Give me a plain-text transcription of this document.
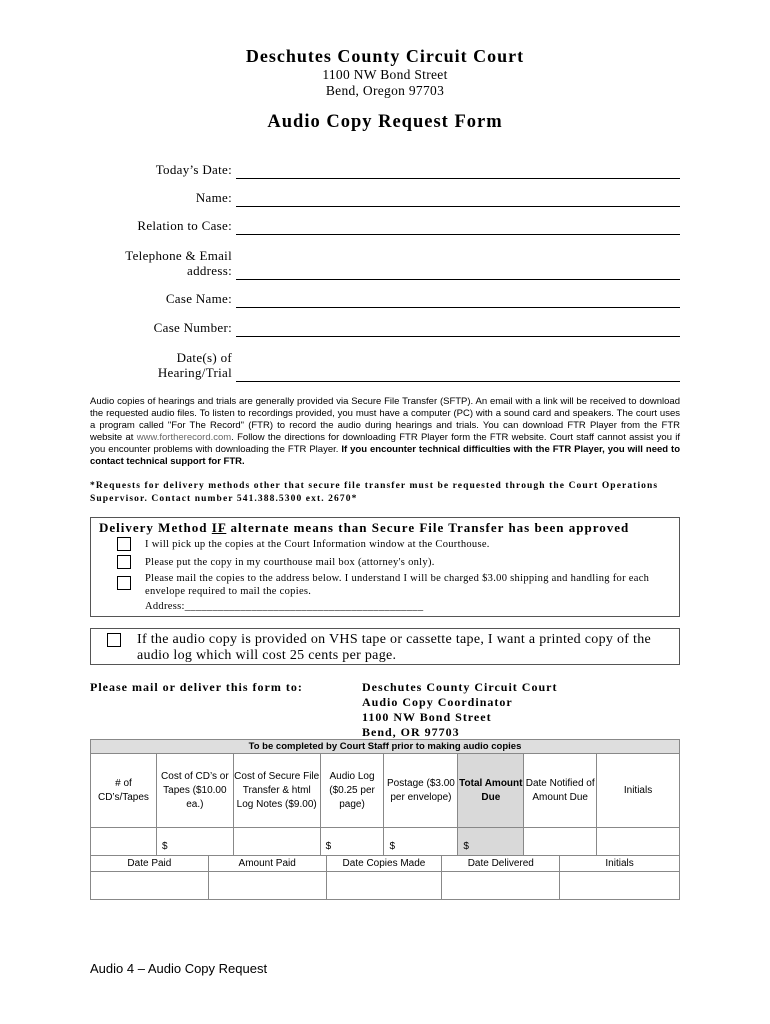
Deschutes County Circuit Court
1100 NW Bond Street
Bend, Oregon 97703
Audio Copy Request Form
Today’s Date:
Name:
Relation to Case:
Telephone & Email address:
Case Name:
Case Number:
Date(s) of Hearing/Trial
Audio copies of hearings and trials are generally provided via Secure File Transfer (SFTP). An email with a link will be received to download the requested audio files. To listen to recordings provided, you must have a computer (PC) with a sound card and speakers. The court uses a program called "For The Record" (FTR) to record the audio during hearings and trials. You can download FTR Player from the FTR website at www.fortherecord.com. Follow the directions for downloading FTR Player form the FTR website. Court staff cannot assist you if you encounter problems with downloading the FTR Player. If you encounter technical difficulties with the FTR Player, you will need to contact technical support for FTR.
*Requests for delivery methods other that secure file transfer must be requested through the Court Operations Supervisor. Contact number 541.388.5300 ext. 2670*
Delivery Method IF alternate means than Secure File Transfer has been approved
I will pick up the copies at the Court Information window at the Courthouse.
Please put the copy in my courthouse mail box (attorney's only).
Please mail the copies to the address below. I understand I will be charged $3.00 shipping and handling for each envelope required to mail the copies.
Address:___________________________________________
If the audio copy is provided on VHS tape or cassette tape, I want a printed copy of the audio log which will cost 25 cents per page.
Please mail or deliver this form to:	Deschutes County Circuit Court
Audio Copy Coordinator
1100 NW Bond Street
Bend, OR 97703
To be completed by Court Staff prior to making audio copies							
# of CD’s/Tapes	Cost of CD’s or Tapes ($10.00 ea.)	Cost of Secure File Transfer & html Log Notes ($9.00)	Audio Log ($0.25 per page)	Postage ($3.00 per envelope)	Total Amount Due	Date Notified of Amount Due	Initials
	$		$	$	$		
Date Paid	Amount Paid	Date Copies Made	Date Delivered	Initials

Audio 4 – Audio Copy Request
